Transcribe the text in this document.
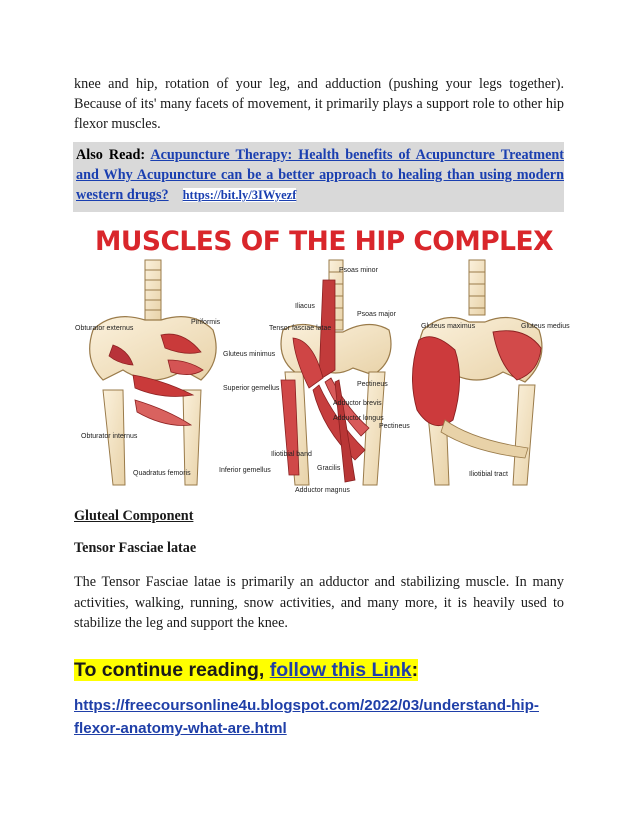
knee and hip, rotation of your leg, and adduction (pushing your legs together). Because of its' many facets of movement, it primarily plays a support role to other hip flexor muscles.
Also Read: Acupuncture Therapy: Health benefits of Acupuncture Treatment and Why Acupuncture can be a better approach to healing than using modern western drugs? https://bit.ly/3IWyezf
MUSCLES OF THE HIP COMPLEX
Obturator externus
Piriformis
Gluteus minimus
Superior gemellus
Obturator internus
Quadratus femoris	Inferior gemellus
Psoas minor
Iliacus
Psoas major
Tensor fasciae latae
Pectineus
Adductor brevis
Adductor longus
Pectineus
Iliotibial band
Gracilis
Adductor magnus
Gluteus maximus	Gluteus medius
Iliotibial tract
Gluteal Component
Tensor Fasciae latae
The Tensor Fasciae latae is primarily an adductor and stabilizing muscle. In many activities, walking, running, snow activities, and many more, it is heavily used to stabilize the leg and support the knee.
To continue reading, follow this Link:
https://freecoursonline4u.blogspot.com/2022/03/understand-hip-flexor-anatomy-what-are.html
